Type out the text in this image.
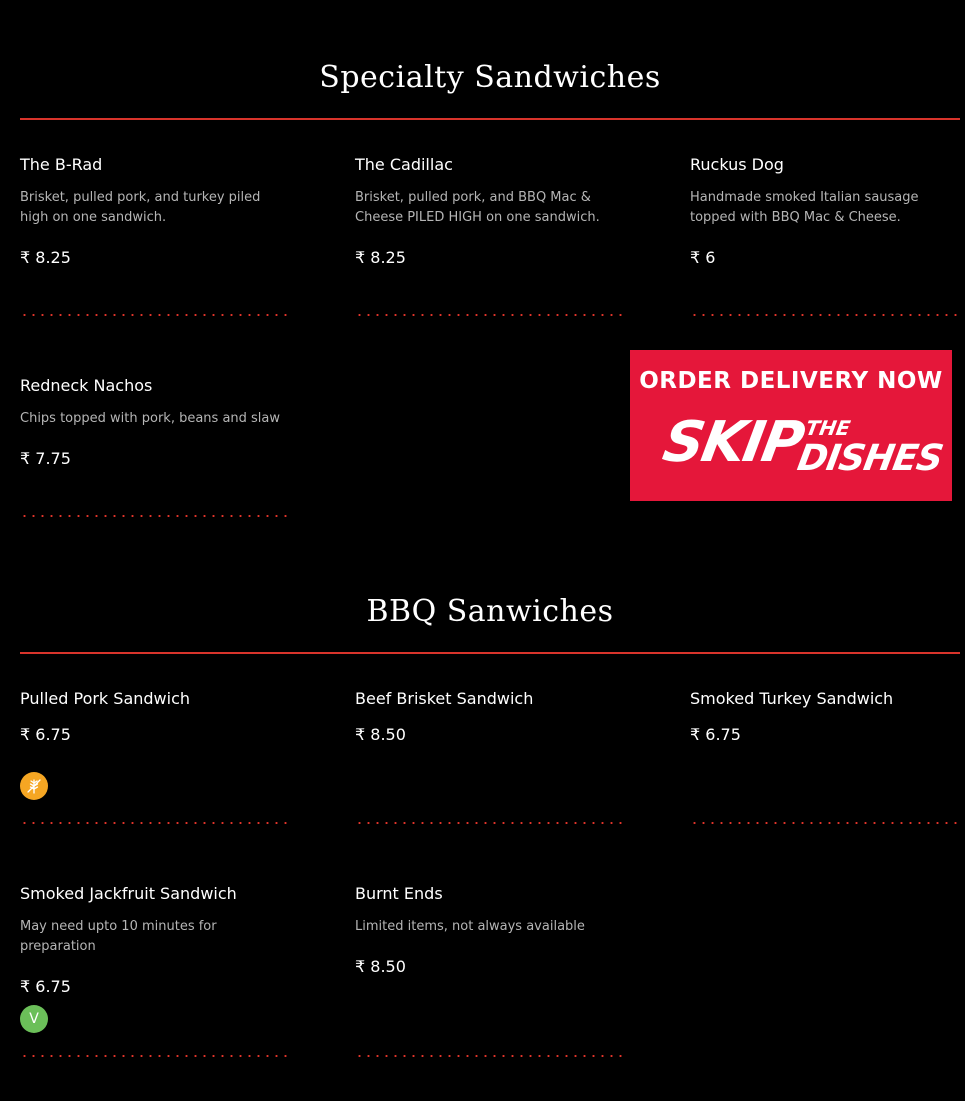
Specialty Sandwiches
The B-Rad
Brisket, pulled pork, and turkey piled high on one sandwich.
₹ 8.25
The Cadillac
Brisket, pulled pork, and BBQ Mac & Cheese PILED HIGH on one sandwich.
₹ 8.25
Ruckus Dog
Handmade smoked Italian sausage topped with BBQ Mac & Cheese.
₹ 6
Redneck Nachos
Chips topped with pork, beans and slaw
₹ 7.75
ORDER DELIVERY NOW
SKIP
THE
DISHES
BBQ Sanwiches
Pulled Pork Sandwich
₹ 6.75
Beef Brisket Sandwich
₹ 8.50
Smoked Turkey Sandwich
₹ 6.75
Smoked Jackfruit Sandwich
May need upto 10 minutes for preparation
₹ 6.75
V
Burnt Ends
Limited items, not always available
₹ 8.50
